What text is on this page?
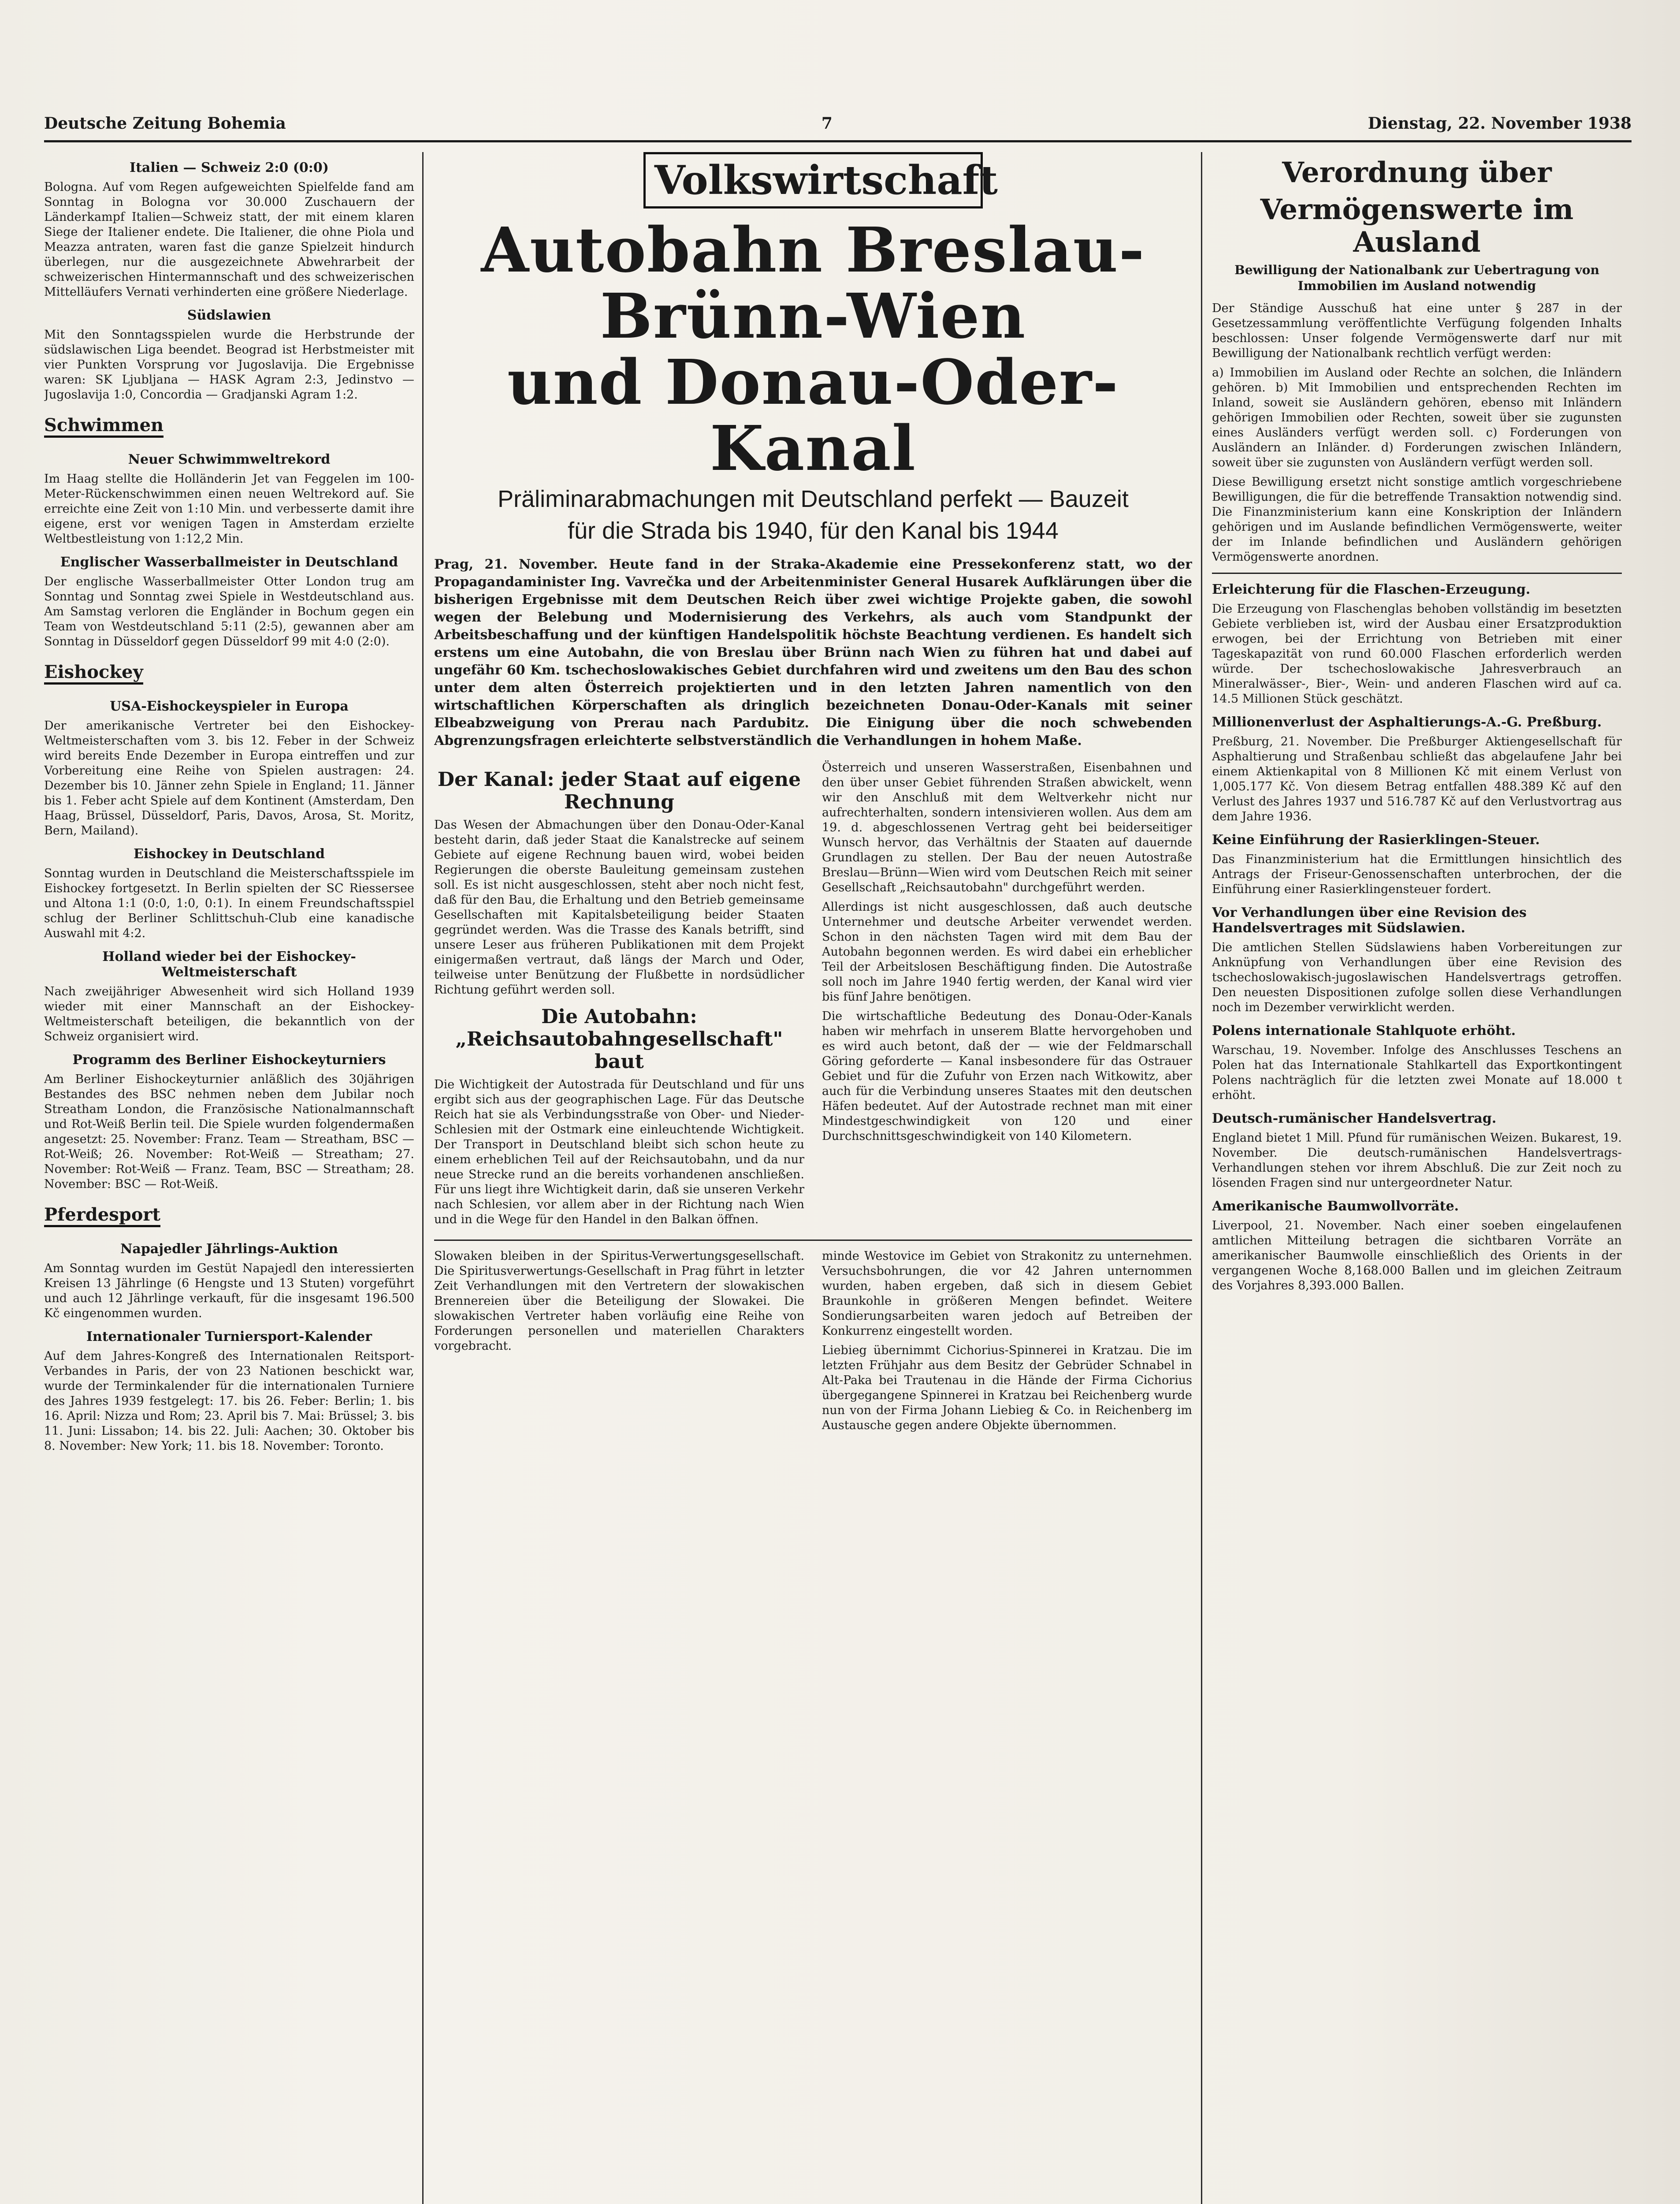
Deutsche Zeitung Bohemia	7	Dienstag, 22. November 1938
Italien — Schweiz 2:0 (0:0)

Bologna. Auf vom Regen aufgeweichten Spielfelde fand am Sonntag in Bologna vor 30.000 Zuschauern der Länderkampf Italien—Schweiz statt, der mit einem klaren Siege der Italiener endete. Die Italiener, die ohne Piola und Meazza antraten, waren fast die ganze Spielzeit hindurch überlegen, nur die ausgezeichnete Abwehrarbeit der schweizerischen Hintermannschaft und des schweizerischen Mittelläufers Vernati verhinderten eine größere Niederlage.

Südslawien

Mit den Sonntagsspielen wurde die Herbstrunde der südslawischen Liga beendet. Beograd ist Herbstmeister mit vier Punkten Vorsprung vor Jugoslavija. Die Ergebnisse waren: SK Ljubljana — HASK Agram 2:3, Jedinstvo — Jugoslavija 1:0, Concordia — Gradjanski Agram 1:2.

Schwimmen
Neuer Schwimmweltrekord

Im Haag stellte die Holländerin Jet van Feggelen im 100-Meter-Rückenschwimmen einen neuen Weltrekord auf. Sie erreichte eine Zeit von 1:10 Min. und verbesserte damit ihre eigene, erst vor wenigen Tagen in Amsterdam erzielte Weltbestleistung von 1:12,2 Min.

Englischer Wasserballmeister in Deutschland

Der englische Wasserballmeister Otter London trug am Sonntag und Sonntag zwei Spiele in Westdeutschland aus. Am Samstag verloren die Engländer in Bochum gegen ein Team von Westdeutschland 5:11 (2:5), gewannen aber am Sonntag in Düsseldorf gegen Düsseldorf 99 mit 4:0 (2:0).

Eishockey
USA-Eishockeyspieler in Europa

Der amerikanische Vertreter bei den Eishockey-Weltmeisterschaften vom 3. bis 12. Feber in der Schweiz wird bereits Ende Dezember in Europa eintreffen und zur Vorbereitung eine Reihe von Spielen austragen: 24. Dezember bis 10. Jänner zehn Spiele in England; 11. Jänner bis 1. Feber acht Spiele auf dem Kontinent (Amsterdam, Den Haag, Brüssel, Düsseldorf, Paris, Davos, Arosa, St. Moritz, Bern, Mailand).

Eishockey in Deutschland

Sonntag wurden in Deutschland die Meisterschaftsspiele im Eishockey fortgesetzt. In Berlin spielten der SC Riessersee und Altona 1:1 (0:0, 1:0, 0:1). In einem Freundschaftsspiel schlug der Berliner Schlittschuh-Club eine kanadische Auswahl mit 4:2.

Holland wieder bei der Eishockey-Weltmeisterschaft

Nach zweijähriger Abwesenheit wird sich Holland 1939 wieder mit einer Mannschaft an der Eishockey-Weltmeisterschaft beteiligen, die bekanntlich von der Schweiz organisiert wird.

Programm des Berliner Eishockeyturniers

Am Berliner Eishockeyturnier anläßlich des 30jährigen Bestandes des BSC nehmen neben dem Jubilar noch Streatham London, die Französische Nationalmannschaft und Rot-Weiß Berlin teil. Die Spiele wurden folgendermaßen angesetzt: 25. November: Franz. Team — Streatham, BSC — Rot-Weiß; 26. November: Rot-Weiß — Streatham; 27. November: Rot-Weiß — Franz. Team, BSC — Streatham; 28. November: BSC — Rot-Weiß.

Pferdesport
Napajedler Jährlings-Auktion

Am Sonntag wurden im Gestüt Napajedl den interessierten Kreisen 13 Jährlinge (6 Hengste und 13 Stuten) vorgeführt und auch 12 Jährlinge verkauft, für die insgesamt 196.500 Kč eingenommen wurden.

Internationaler Turniersport-Kalender

Auf dem Jahres-Kongreß des Internationalen Reitsport-Verbandes in Paris, der von 23 Nationen beschickt war, wurde der Terminkalender für die internationalen Turniere des Jahres 1939 festgelegt: 17. bis 26. Feber: Berlin; 1. bis 16. April: Nizza und Rom; 23. April bis 7. Mai: Brüssel; 3. bis 11. Juni: Lissabon; 14. bis 22. Juli: Aachen; 30. Oktober bis 8. November: New York; 11. bis 18. November: Toronto.

Volkswirtschaft
Autobahn Breslau-Brünn-Wien
und Donau-Oder-Kanal
Präliminarabmachungen mit Deutschland perfekt — Bauzeit
für die Strada bis 1940, für den Kanal bis 1944

Prag, 21. November. Heute fand in der Straka-Akademie eine Pressekonferenz statt, wo der Propagandaminister Ing. Vavrečka und der Arbeitenminister General Husarek Aufklärungen über die bisherigen Ergebnisse mit dem Deutschen Reich über zwei wichtige Projekte gaben, die sowohl wegen der Belebung und Modernisierung des Verkehrs, als auch vom Standpunkt der Arbeitsbeschaffung und der künftigen Handelspolitik höchste Beachtung verdienen. Es handelt sich erstens um eine Autobahn, die von Breslau über Brünn nach Wien zu führen hat und dabei auf ungefähr 60 Km. tschechoslowakisches Gebiet durchfahren wird und zweitens um den Bau des schon unter dem alten Österreich projektierten und in den letzten Jahren namentlich von den wirtschaftlichen Körperschaften als dringlich bezeichneten Donau-Oder-Kanals mit seiner Elbeabzweigung von Prerau nach Pardubitz. Die Einigung über die noch schwebenden Abgrenzungsfragen erleichterte selbstverständlich die Verhandlungen in hohem Maße.

Der Kanal: jeder Staat auf eigene Rechnung

Das Wesen der Abmachungen über den Donau-Oder-Kanal besteht darin, daß jeder Staat die Kanalstrecke auf seinem Gebiete auf eigene Rechnung bauen wird, wobei beiden Regierungen die oberste Bauleitung gemeinsam zustehen soll. Es ist nicht ausgeschlossen, steht aber noch nicht fest, daß für den Bau, die Erhaltung und den Betrieb gemeinsame Gesellschaften mit Kapitalsbeteiligung beider Staaten gegründet werden. Was die Trasse des Kanals betrifft, sind unsere Leser aus früheren Publikationen mit dem Projekt einigermaßen vertraut, daß längs der March und Oder, teilweise unter Benützung der Flußbette in nordsüdlicher Richtung geführt werden soll.

Die Autobahn: „Reichsautobahngesellschaft" baut

Die Wichtigkeit der Autostrada für Deutschland und für uns ergibt sich aus der geographischen Lage. Für das Deutsche Reich hat sie als Verbindungsstraße von Ober- und Nieder-Schlesien mit der Ostmark eine einleuchtende Wichtigkeit. Der Transport in Deutschland bleibt sich schon heute zu einem erheblichen Teil auf der Reichsautobahn, und da nur neue Strecke rund an die bereits vorhandenen anschließen. Für uns liegt ihre Wichtigkeit darin, daß sie unseren Verkehr nach Schlesien, vor allem aber in der Richtung nach Wien und in die Wege für den Handel in den Balkan öffnen.

Österreich und unseren Wasserstraßen, Eisenbahnen und den über unser Gebiet führenden Straßen abwickelt, wenn wir den Anschluß mit dem Weltverkehr nicht nur aufrechterhalten, sondern intensivieren wollen. Aus dem am 19. d. abgeschlossenen Vertrag geht bei beiderseitiger Wunsch hervor, das Verhältnis der Staaten auf dauernde Grundlagen zu stellen. Der Bau der neuen Autostraße Breslau—Brünn—Wien wird vom Deutschen Reich mit seiner Gesellschaft „Reichsautobahn" durchgeführt werden.

Allerdings ist nicht ausgeschlossen, daß auch deutsche Unternehmer und deutsche Arbeiter verwendet werden. Schon in den nächsten Tagen wird mit dem Bau der Autobahn begonnen werden. Es wird dabei ein erheblicher Teil der Arbeitslosen Beschäftigung finden. Die Autostraße soll noch im Jahre 1940 fertig werden, der Kanal wird vier bis fünf Jahre benötigen.

Die wirtschaftliche Bedeutung des Donau-Oder-Kanals haben wir mehrfach in unserem Blatte hervorgehoben und es wird auch betont, daß der — wie der Feldmarschall Göring geforderte — Kanal insbesondere für das Ostrauer Gebiet und für die Zufuhr von Erzen nach Witkowitz, aber auch für die Verbindung unseres Staates mit den deutschen Häfen bedeutet. Auf der Autostrade rechnet man mit einer Mindestgeschwindigkeit von 120 und einer Durchschnittsgeschwindigkeit von 140 Kilometern.

Slowaken bleiben in der Spiritus-Verwertungsgesellschaft. Die Spiritusverwertungs-Gesellschaft in Prag führt in letzter Zeit Verhandlungen mit den Vertretern der slowakischen Brennereien über die Beteiligung der Slowakei. Die slowakischen Vertreter haben vorläufig eine Reihe von Forderungen personellen und materiellen Charakters vorgebracht.

minde Westovice im Gebiet von Strakonitz zu unternehmen. Versuchsbohrungen, die vor 42 Jahren unternommen wurden, haben ergeben, daß sich in diesem Gebiet Braunkohle in größeren Mengen befindet. Weitere Sondierungsarbeiten waren jedoch auf Betreiben der Konkurrenz eingestellt worden.

Liebieg übernimmt Cichorius-Spinnerei in Kratzau. Die im letzten Frühjahr aus dem Besitz der Gebrüder Schnabel in Alt-Paka bei Trautenau in die Hände der Firma Cichorius übergegangene Spinnerei in Kratzau bei Reichenberg wurde nun von der Firma Johann Liebieg & Co. in Reichenberg im Austausche gegen andere Objekte übernommen.

Verordnung über
Vermögenswerte im Ausland
Bewilligung der Nationalbank zur Uebertragung von Immobilien im Ausland notwendig

Der Ständige Ausschuß hat eine unter § 287 in der Gesetzessammlung veröffentlichte Verfügung folgenden Inhalts beschlossen: Unser folgende Vermögenswerte darf nur mit Bewilligung der Nationalbank rechtlich verfügt werden:

a) Immobilien im Ausland oder Rechte an solchen, die Inländern gehören. b) Mit Immobilien und entsprechenden Rechten im Inland, soweit sie Ausländern gehören, ebenso mit Inländern gehörigen Immobilien oder Rechten, soweit über sie zugunsten eines Ausländers verfügt werden soll. c) Forderungen von Ausländern an Inländer. d) Forderungen zwischen Inländern, soweit über sie zugunsten von Ausländern verfügt werden soll.

Diese Bewilligung ersetzt nicht sonstige amtlich vorgeschriebene Bewilligungen, die für die betreffende Transaktion notwendig sind. Die Finanzministerium kann eine Konskription der Inländern gehörigen und im Auslande befindlichen Vermögenswerte, weiter der im Inlande befindlichen und Ausländern gehörigen Vermögenswerte anordnen.

Erleichterung für die Flaschen-Erzeugung.

Die Erzeugung von Flaschenglas behoben vollständig im besetzten Gebiete verblieben ist, wird der Ausbau einer Ersatzproduktion erwogen, bei der Errichtung von Betrieben mit einer Tageskapazität von rund 60.000 Flaschen erforderlich werden würde. Der tschechoslowakische Jahresverbrauch an Mineralwässer-, Bier-, Wein- und anderen Flaschen wird auf ca. 14.5 Millionen Stück geschätzt.

Millionenverlust der Asphaltierungs-A.-G. Preßburg.

Preßburg, 21. November. Die Preßburger Aktiengesellschaft für Asphaltierung und Straßenbau schließt das abgelaufene Jahr bei einem Aktienkapital von 8 Millionen Kč mit einem Verlust von 1,005.177 Kč. Von diesem Betrag entfallen 488.389 Kč auf den Verlust des Jahres 1937 und 516.787 Kč auf den Verlustvortrag aus dem Jahre 1936.

Keine Einführung der Rasierklingen-Steuer.

Das Finanzministerium hat die Ermittlungen hinsichtlich des Antrags der Friseur-Genossenschaften unterbrochen, der die Einführung einer Rasierklingensteuer fordert.

Vor Verhandlungen über eine Revision des Handelsvertrages mit Südslawien.

Die amtlichen Stellen Südslawiens haben Vorbereitungen zur Anknüpfung von Verhandlungen über eine Revision des tschechoslowakisch-jugoslawischen Handelsvertrags getroffen. Den neuesten Dispositionen zufolge sollen diese Verhandlungen noch im Dezember verwirklicht werden.

Polens internationale Stahlquote erhöht.

Warschau, 19. November. Infolge des Anschlusses Teschens an Polen hat das Internationale Stahlkartell das Exportkontingent Polens nachträglich für die letzten zwei Monate auf 18.000 t erhöht.

Deutsch-rumänischer Handelsvertrag.

England bietet 1 Mill. Pfund für rumänischen Weizen. Bukarest, 19. November. Die deutsch-rumänischen Handelsvertrags-Verhandlungen stehen vor ihrem Abschluß. Die zur Zeit noch zu lösenden Fragen sind nur untergeordneter Natur.

Amerikanische Baumwollvorräte.

Liverpool, 21. November. Nach einer soeben eingelaufenen amtlichen Mitteilung betragen die sichtbaren Vorräte an amerikanischer Baumwolle einschließlich des Orients in der vergangenen Woche 8,168.000 Ballen und im gleichen Zeitraum des Vorjahres 8,393.000 Ballen.
